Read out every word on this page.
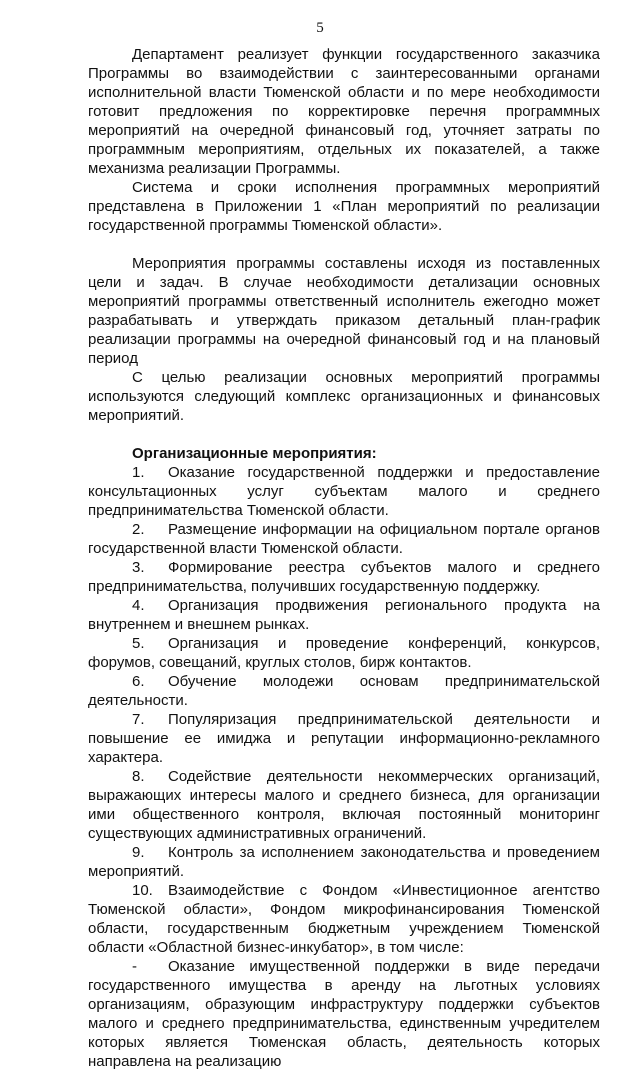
5

Департамент реализует функции государственного заказчика Программы во взаимодействии с заинтересованными органами исполнительной власти Тюменской области и по мере необходимости готовит предложения по корректировке перечня программных мероприятий на очередной финансовый год, уточняет затраты по программным мероприятиям, отдельных их показателей, а также механизма реализации Программы.

Система и сроки исполнения программных мероприятий представлена в Приложении 1 «План мероприятий по реализации государственной программы Тюменской области».

Мероприятия программы составлены исходя из поставленных цели и задач. В случае необходимости детализации основных мероприятий программы ответственный исполнитель ежегодно может разрабатывать и утверждать приказом детальный план-график реализации программы на очередной финансовый год и на плановый период

С целью реализации основных мероприятий программы используются следующий комплекс организационных и финансовых мероприятий.

Организационные мероприятия:

1. Оказание государственной поддержки и предоставление консультационных услуг субъектам малого и среднего предпринимательства Тюменской области.

2. Размещение информации на официальном портале органов государственной власти Тюменской области.

3. Формирование реестра субъектов малого и среднего предпринимательства, получивших государственную поддержку.

4. Организация продвижения регионального продукта на внутреннем и внешнем рынках.

5. Организация и проведение конференций, конкурсов, форумов, совещаний, круглых столов, бирж контактов.

6. Обучение молодежи основам предпринимательской деятельности.

7. Популяризация предпринимательской деятельности и повышение ее имиджа и репутации информационно-рекламного характера.

8. Содействие деятельности некоммерческих организаций, выражающих интересы малого и среднего бизнеса, для организации ими общественного контроля, включая постоянный мониторинг существующих административных ограничений.

9. Контроль за исполнением законодательства и проведением мероприятий.

10. Взаимодействие с Фондом «Инвестиционное агентство Тюменской области», Фондом микрофинансирования Тюменской области, государственным бюджетным учреждением Тюменской области «Областной бизнес-инкубатор», в том числе:

- Оказание имущественной поддержки в виде передачи государственного имущества в аренду на льготных условиях организациям, образующим инфраструктуру поддержки субъектов малого и среднего предпринимательства, единственным учредителем которых является Тюменская область, деятельность которых направлена на реализацию
